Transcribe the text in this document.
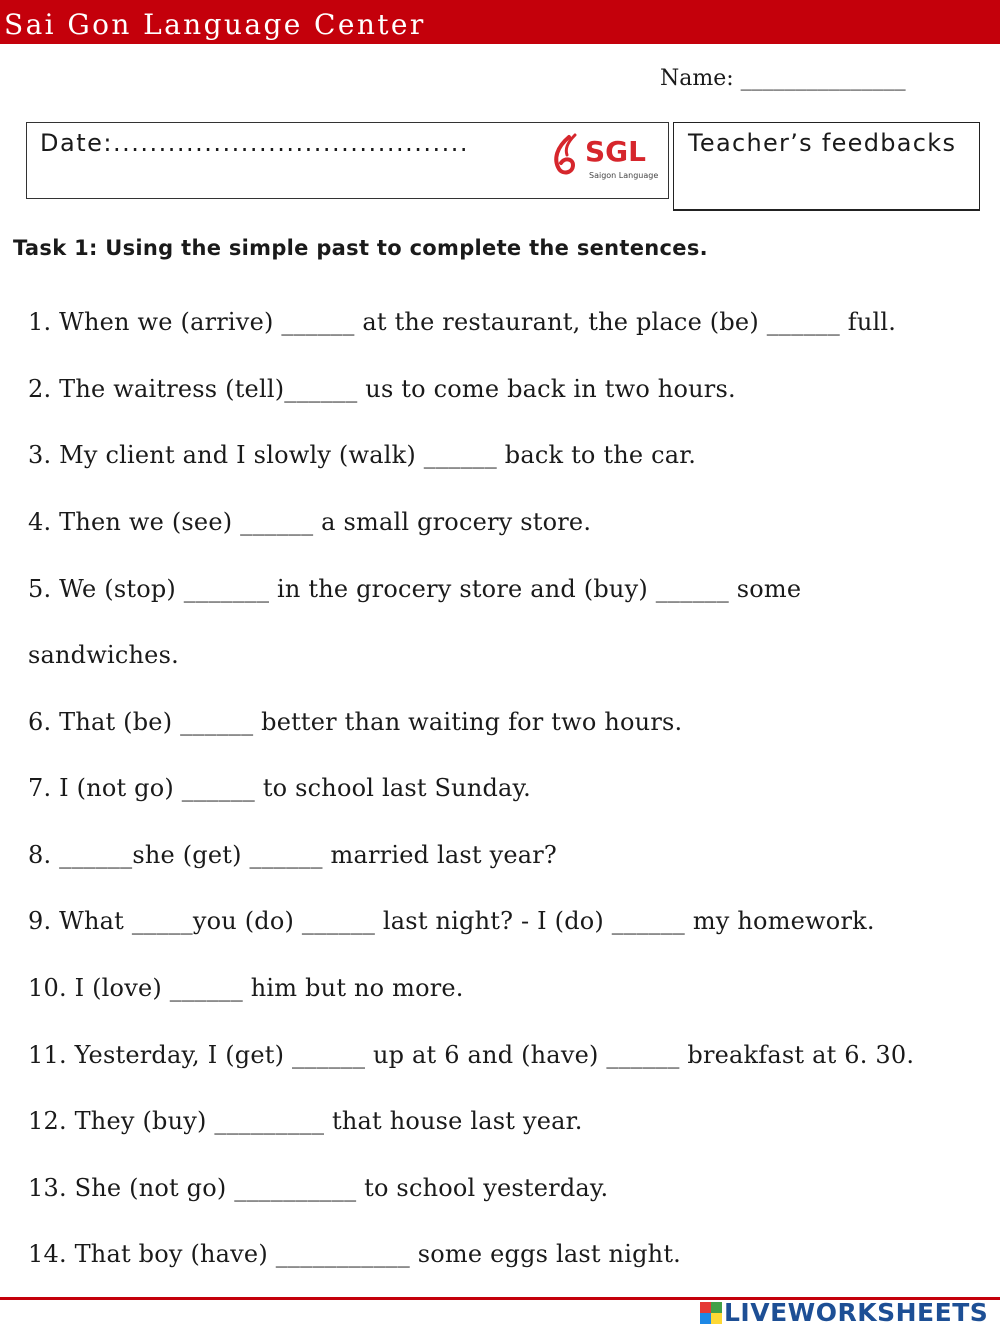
Sai Gon Language Center
Name: _______________
Date:.......................................	SGL
Saigon Language
Teacher’s feedbacks
Task 1: Using the simple past to complete the sentences.
1. When we (arrive) ______ at the restaurant, the place (be) ______ full.
2. The waitress (tell)______ us to come back in two hours.
3. My client and I slowly (walk) ______ back to the car.
4. Then we (see) ______ a small grocery store.
5. We (stop) _______ in the grocery store and (buy) ______ some
sandwiches.
6. That (be) ______ better than waiting for two hours.
7. I (not go) ______ to school last Sunday.
8. ______she (get) ______ married last year?
9. What _____you (do) ______ last night? - I (do) ______ my homework.
10. I (love) ______ him but no more.
11. Yesterday, I (get) ______ up at 6 and (have) ______ breakfast at 6. 30.
12. They (buy) _________ that house last year.
13. She (not go) __________ to school yesterday.
14. That boy (have) ___________ some eggs last night.
LIVEWORKSHEETS
